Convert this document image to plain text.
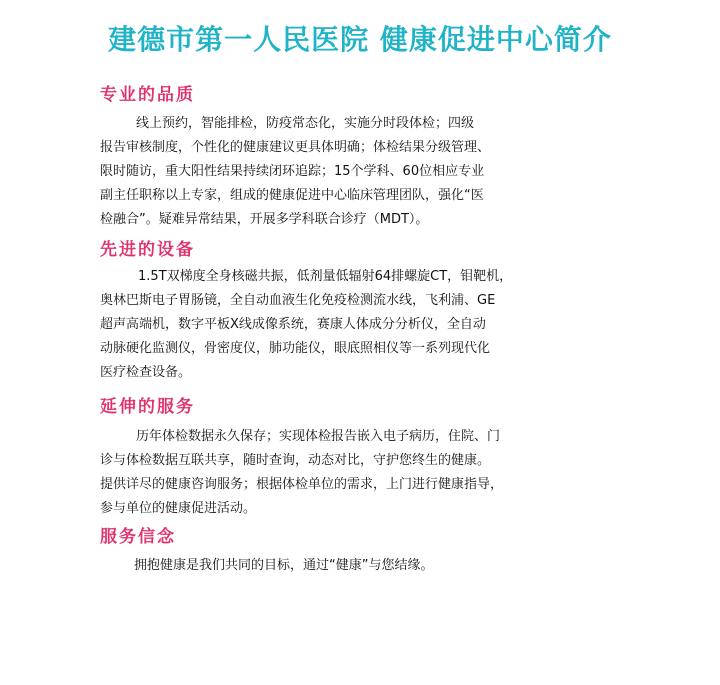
建德市第一人民医院 健康促进中心简介
专业的品质
线上预约，智能排检，防疫常态化，实施分时段体检；四级
报告审核制度，个性化的健康建议更具体明确；体检结果分级管理、
限时随访，重大阳性结果持续闭环追踪；15个学科、60位相应专业
副主任职称以上专家，组成的健康促进中心临床管理团队，强化“医
检融合”。疑难异常结果，开展多学科联合诊疗（MDT）。
先进的设备
1.5T双梯度全身核磁共振，低剂量低辐射64排螺旋CT，钼靶机，
奥林巴斯电子胃肠镜，全自动血液生化免疫检测流水线，飞利浦、GE
超声高端机，数字平板X线成像系统，赛康人体成分分析仪，全自动
动脉硬化监测仪，骨密度仪，肺功能仪，眼底照相仪等一系列现代化
医疗检查设备。
延伸的服务
历年体检数据永久保存；实现体检报告嵌入电子病历，住院、门
诊与体检数据互联共享，随时查询，动态对比，守护您终生的健康。
提供详尽的健康咨询服务；根据体检单位的需求，上门进行健康指导，
参与单位的健康促进活动。
服务信念
拥抱健康是我们共同的目标，通过“健康”与您结缘。
